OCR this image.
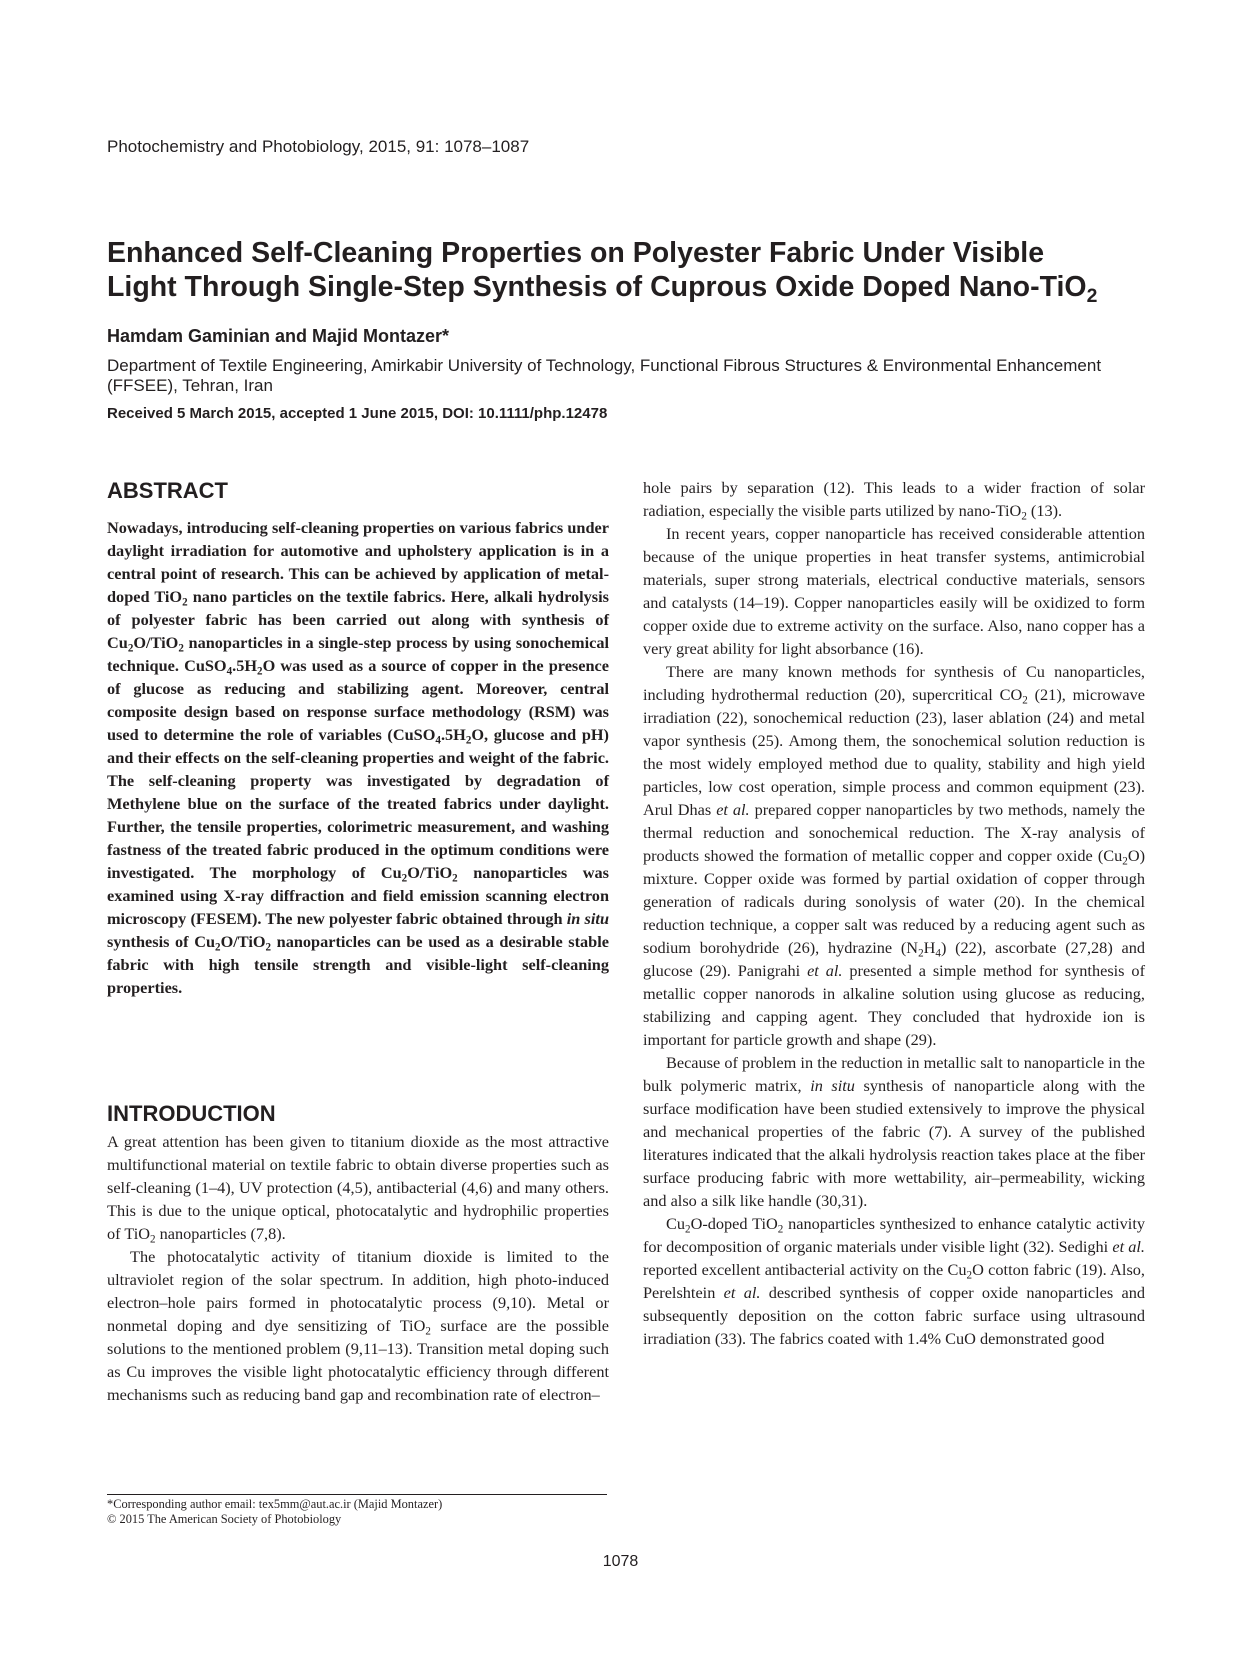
Photochemistry and Photobiology, 2015, 91: 1078–1087
Enhanced Self-Cleaning Properties on Polyester Fabric Under Visible
Light Through Single-Step Synthesis of Cuprous Oxide Doped Nano-TiO$_2$
Hamdam Gaminian and Majid Montazer*
Department of Textile Engineering, Amirkabir University of Technology, Functional Fibrous Structures & Environmental Enhancement (FFSEE), Tehran, Iran
Received 5 March 2015, accepted 1 June 2015, DOI: 10.1111/php.12478
ABSTRACT

Nowadays, introducing self-cleaning properties on various fabrics under daylight irradiation for automotive and upholstery application is in a central point of research. This can be achieved by application of metal-doped TiO$_2$ nano particles on the textile fabrics. Here, alkali hydrolysis of polyester fabric has been carried out along with synthesis of $Cu_2O/TiO_2$ nanoparticles in a single-step process by using sonochemical technique. $CuSO_4.5H_2O$ was used as a source of copper in the presence of glucose as reducing and stabilizing agent. Moreover, central composite design based on response surface methodology (RSM) was used to determine the role of variables ($CuSO_4.5H_2O$, glucose and pH) and their effects on the self-cleaning properties and weight of the fabric. The self-cleaning property was investigated by degradation of Methylene blue on the surface of the treated fabrics under daylight. Further, the tensile properties, colorimetric measurement, and washing fastness of the treated fabric produced in the optimum conditions were investigated. The morphology of $Cu_2O/TiO_2$ nanoparticles was examined using X-ray diffraction and field emission scanning electron microscopy (FESEM). The new polyester fabric obtained through in situ synthesis of $Cu_2O/TiO_2$ nanoparticles can be used as a desirable stable fabric with high tensile strength and visible-light self-cleaning properties.

INTRODUCTION

A great attention has been given to titanium dioxide as the most attractive multifunctional material on textile fabric to obtain diverse properties such as self-cleaning (1–4), UV protection (4,5), antibacterial (4,6) and many others. This is due to the unique optical, photocatalytic and hydrophilic properties of TiO$_2$ nanoparticles (7,8).

The photocatalytic activity of titanium dioxide is limited to the ultraviolet region of the solar spectrum. In addition, high photo-induced electron–hole pairs formed in photocatalytic process (9,10). Metal or nonmetal doping and dye sensitizing of TiO$_2$ surface are the possible solutions to the mentioned problem (9,11–13). Transition metal doping such as Cu improves the visible light photocatalytic efficiency through different mechanisms such as reducing band gap and recombination rate of electron–

hole pairs by separation (12). This leads to a wider fraction of solar radiation, especially the visible parts utilized by nano-TiO$_2$ (13).

In recent years, copper nanoparticle has received considerable attention because of the unique properties in heat transfer systems, antimicrobial materials, super strong materials, electrical conductive materials, sensors and catalysts (14–19). Copper nanoparticles easily will be oxidized to form copper oxide due to extreme activity on the surface. Also, nano copper has a very great ability for light absorbance (16).

There are many known methods for synthesis of Cu nanoparticles, including hydrothermal reduction (20), supercritical $CO_2$ (21), microwave irradiation (22), sonochemical reduction (23), laser ablation (24) and metal vapor synthesis (25). Among them, the sonochemical solution reduction is the most widely employed method due to quality, stability and high yield particles, low cost operation, simple process and common equipment (23). Arul Dhas et al. prepared copper nanoparticles by two methods, namely the thermal reduction and sonochemical reduction. The X-ray analysis of products showed the formation of metallic copper and copper oxide $(Cu_2O)$ mixture. Copper oxide was formed by partial oxidation of copper through generation of radicals during sonolysis of water (20). In the chemical reduction technique, a copper salt was reduced by a reducing agent such as sodium borohydride (26), hydrazine $(N_2H_4)$ (22), ascorbate (27,28) and glucose (29). Panigrahi et al. presented a simple method for synthesis of metallic copper nanorods in alkaline solution using glucose as reducing, stabilizing and capping agent. They concluded that hydroxide ion is important for particle growth and shape (29).

Because of problem in the reduction in metallic salt to nanoparticle in the bulk polymeric matrix, in situ synthesis of nanoparticle along with the surface modification have been studied extensively to improve the physical and mechanical properties of the fabric (7). A survey of the published literatures indicated that the alkali hydrolysis reaction takes place at the fiber surface producing fabric with more wettability, air–permeability, wicking and also a silk like handle (30,31).

$Cu_2O$-doped TiO$_2$ nanoparticles synthesized to enhance catalytic activity for decomposition of organic materials under visible light (32). Sedighi et al. reported excellent antibacterial activity on the $Cu_2O$ cotton fabric (19). Also, Perelshtein et al. described synthesis of copper oxide nanoparticles and subsequently deposition on the cotton fabric surface using ultrasound irradiation (33). The fabrics coated with 1.4% CuO demonstrated good

*Corresponding author email: tex5mm@aut.ac.ir (Majid Montazer)
© 2015 The American Society of Photobiology
1078
